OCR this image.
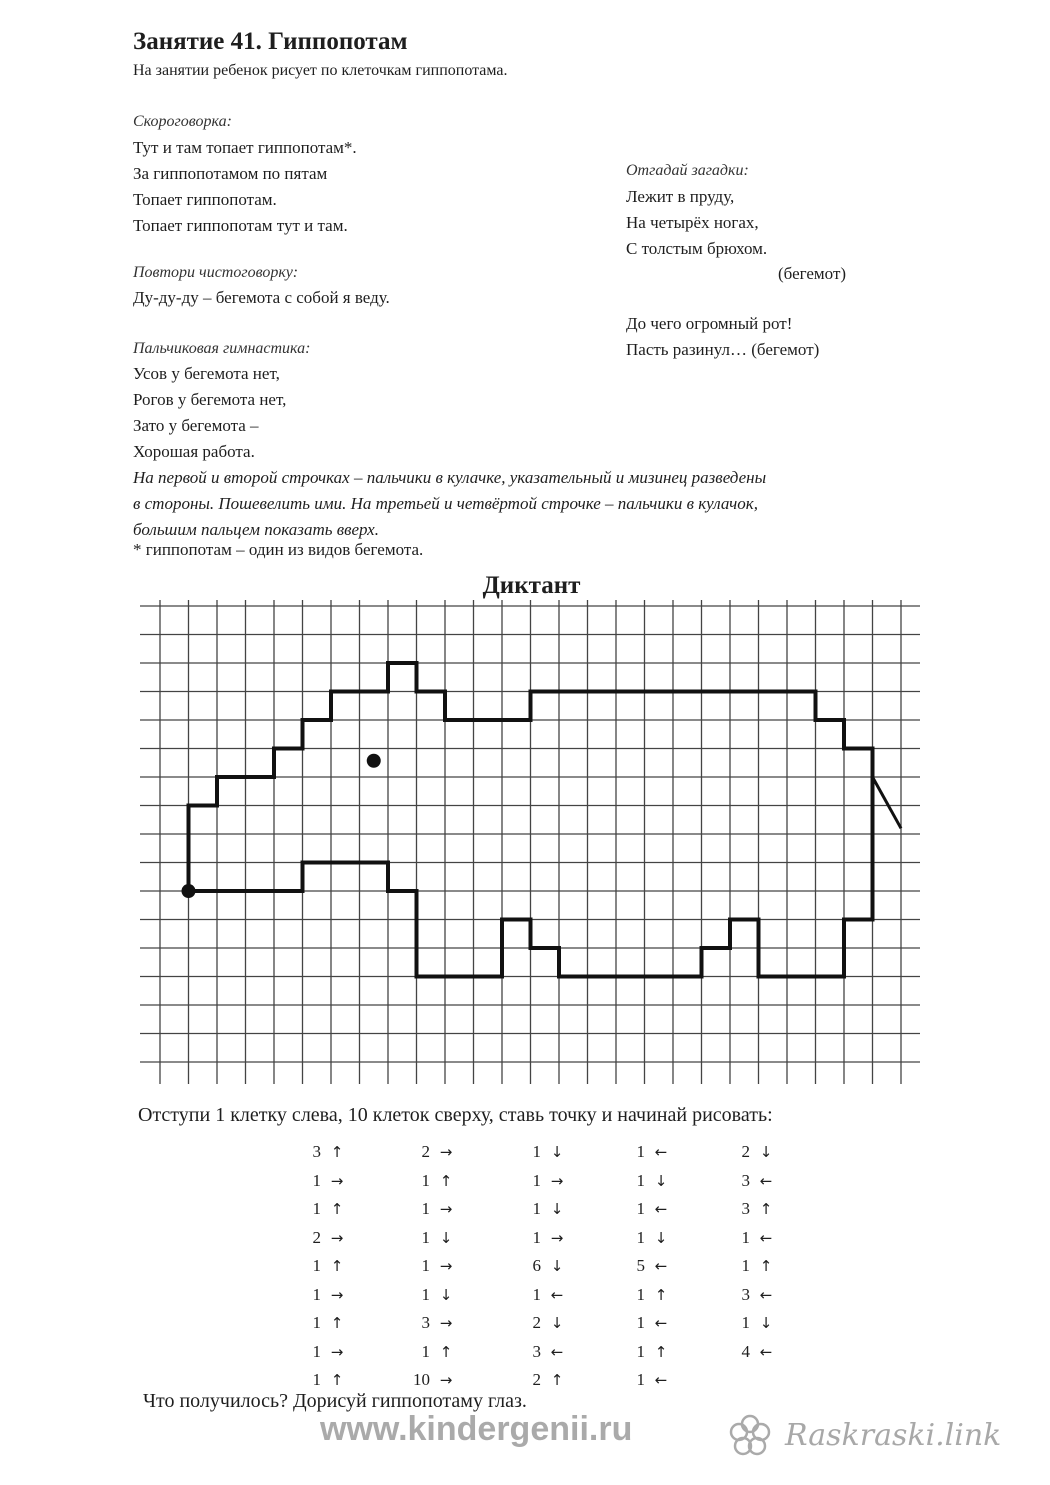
Занятие 41. Гиппопотам
На занятии ребенок рисует по клеточкам гиппопотама.
Скороговорка:
Тут и там топает гиппопотам*.
За гиппопотамом по пятам
Топает гиппопотам.
Топает гиппопотам тут и там.
Повтори чистоговорку:
Ду-ду-ду – бегемота с собой я веду.
Пальчиковая гимнастика:
Усов у бегемота нет,
Рогов у бегемота нет,
Зато у бегемота –
Хорошая работа.
Отгадай загадки:
Лежит в пруду,
На четырёх ногах,
С толстым брюхом.
(бегемот)
До чего огромный рот!
Пасть разинул… (бегемот)

На первой и второй строчках – пальчики в кулачке, указательный и мизинец разведены

в стороны. Пошевелить ими. На третьей и четвёртой строчке – пальчики в кулачок,

большим пальцем показать вверх.

* гиппопотам – один из видов бегемота.
Диктант
Отступи 1 клетку слева, 10 клеток сверху, ставь точку и начинай рисовать:
3 ↑
1 →
1 ↑
2 →
1 ↑
1 →
1 ↑
1 →
1 ↑
2 →
1 ↑
1 →
1 ↓
1 →
1 ↓
3 →
1 ↑
10 →
1 ↓
1 →
1 ↓
1 →
6 ↓
1 ←
2 ↓
3 ←
2 ↑
1 ←
1 ↓
1 ←
1 ↓
5 ←
1 ↑
1 ←
1 ↑
1 ←
2 ↓
3 ←
3 ↑
1 ←
1 ↑
3 ←
1 ↓
4 ←
Что получилось? Дорисуй гиппопотаму глаз.
www.kindergenii.ru	Raskraski.link
